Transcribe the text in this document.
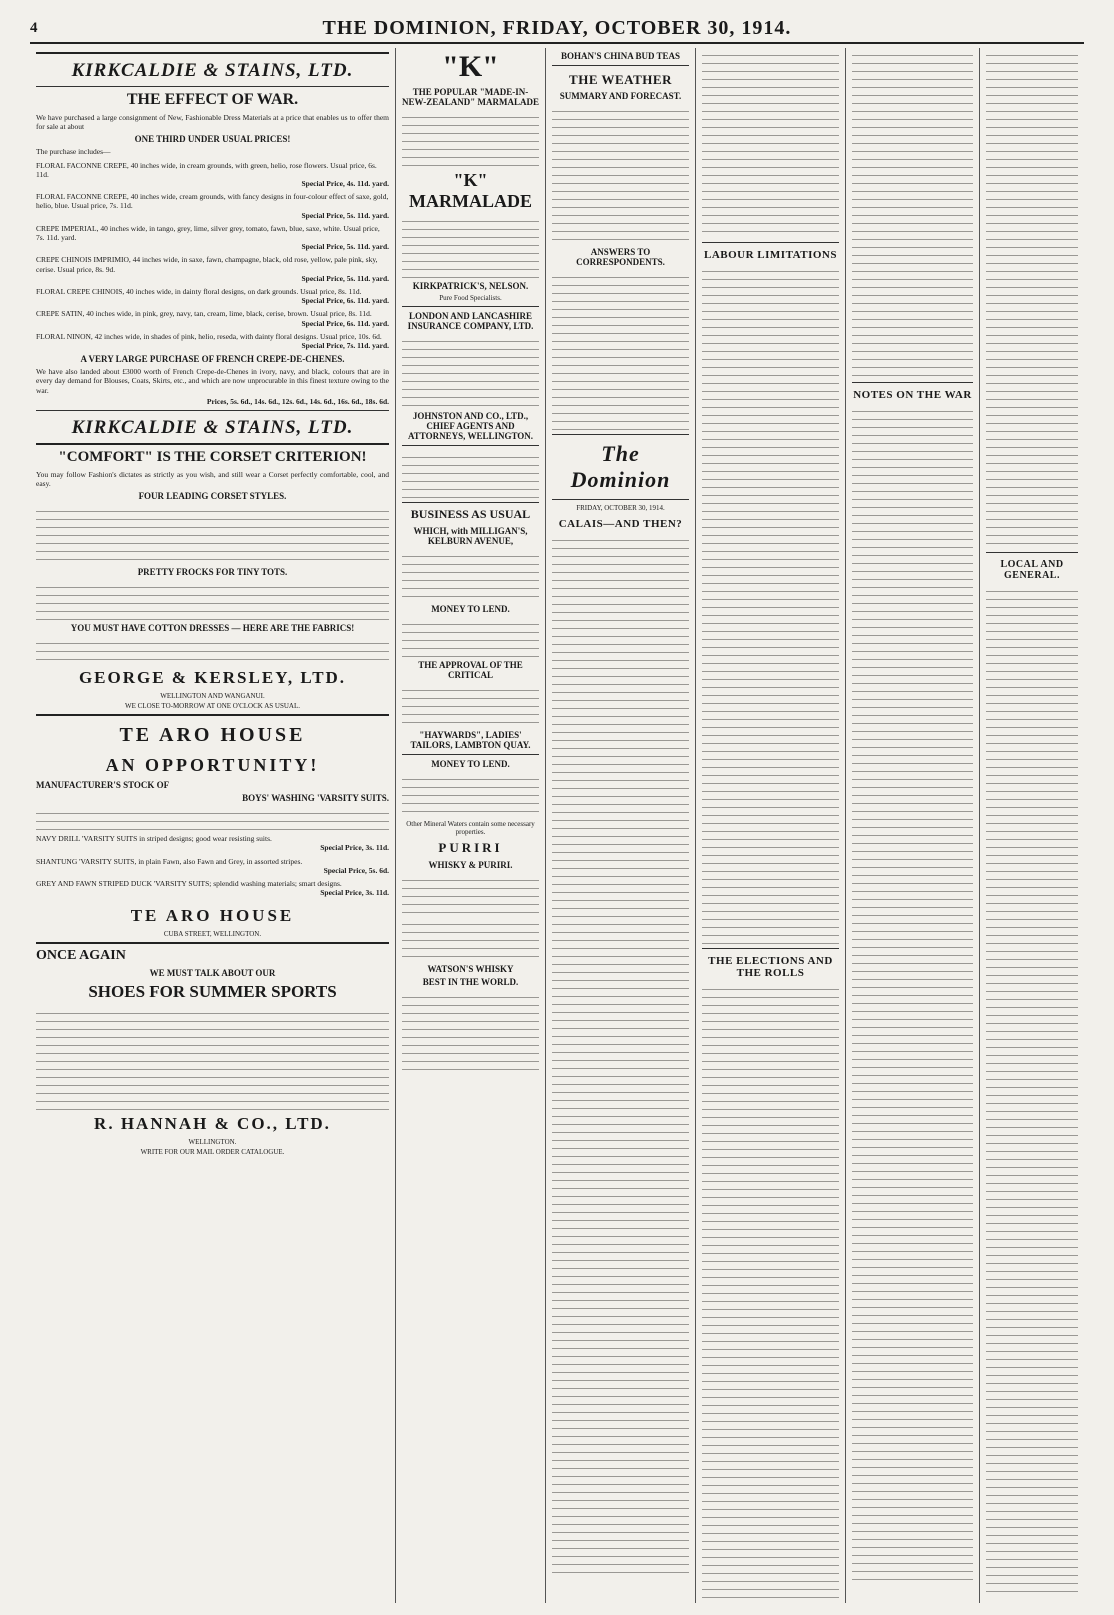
4	THE DOMINION, FRIDAY, OCTOBER 30, 1914.
KIRKCALDIE & STAINS, LTD.
THE EFFECT OF WAR.
We have purchased a large consignment of New, Fashionable Dress Materials at a price that enables us to offer them for sale at about
ONE THIRD UNDER USUAL PRICES!
The purchase includes—
FLORAL FACONNE CREPE, 40 inches wide, in cream grounds, with green, helio, rose flowers. Usual price, 6s. 11d.
Special Price, 4s. 11d. yard.
FLORAL FACONNE CREPE, 40 inches wide, cream grounds, with fancy designs in four-colour effect of saxe, gold, helio, blue. Usual price, 7s. 11d.
Special Price, 5s. 11d. yard.
CREPE IMPERIAL, 40 inches wide, in tango, grey, lime, silver grey, tomato, fawn, blue, saxe, white. Usual price, 7s. 11d. yard.
Special Price, 5s. 11d. yard.
CREPE CHINOIS IMPRIMIO, 44 inches wide, in saxe, fawn, champagne, black, old rose, yellow, pale pink, sky, cerise. Usual price, 8s. 9d.
Special Price, 5s. 11d. yard.
FLORAL CREPE CHINOIS, 40 inches wide, in dainty floral designs, on dark grounds. Usual price, 8s. 11d.
Special Price, 6s. 11d. yard.
CREPE SATIN, 40 inches wide, in pink, grey, navy, tan, cream, lime, black, cerise, brown. Usual price, 8s. 11d.
Special Price, 6s. 11d. yard.
FLORAL NINON, 42 inches wide, in shades of pink, helio, reseda, with dainty floral designs. Usual price, 10s. 6d.
Special Price, 7s. 11d. yard.
A VERY LARGE PURCHASE OF FRENCH CREPE-DE-CHENES.
We have also landed about £3000 worth of French Crepe-de-Chenes in ivory, navy, and black, colours that are in every day demand for Blouses, Coats, Skirts, etc., and which are now unprocurable in this finest texture owing to the war.
Prices, 5s. 6d., 14s. 6d., 12s. 6d., 14s. 6d., 16s. 6d., 18s. 6d.
KIRKCALDIE & STAINS, LTD.
"COMFORT" IS THE CORSET CRITERION!
You may follow Fashion's dictates as strictly as you wish, and still wear a Corset perfectly comfortable, cool, and easy.
FOUR LEADING CORSET STYLES.
PRETTY FROCKS FOR TINY TOTS.
YOU MUST HAVE COTTON DRESSES — HERE ARE THE FABRICS!
GEORGE & KERSLEY, LTD.
WELLINGTON AND WANGANUI.
WE CLOSE TO-MORROW AT ONE O'CLOCK AS USUAL.
TE ARO HOUSE
AN OPPORTUNITY!
MANUFACTURER'S STOCK OF
BOYS' WASHING 'VARSITY SUITS.
NAVY DRILL 'VARSITY SUITS in striped designs; good wear resisting suits.
Special Price, 3s. 11d.
SHANTUNG 'VARSITY SUITS, in plain Fawn, also Fawn and Grey, in assorted stripes.
Special Price, 5s. 6d.
GREY AND FAWN STRIPED DUCK 'VARSITY SUITS; splendid washing materials; smart designs.
Special Price, 3s. 11d.
TE ARO HOUSE
CUBA STREET, WELLINGTON.
ONCE AGAIN
WE MUST TALK ABOUT OUR
SHOES FOR SUMMER SPORTS
R. HANNAH & CO., LTD.
WELLINGTON.
WRITE FOR OUR MAIL ORDER CATALOGUE.
"K"
THE POPULAR "MADE-IN-NEW-ZEALAND" MARMALADE
"K" MARMALADE
KIRKPATRICK'S, NELSON.
Pure Food Specialists.
LONDON AND LANCASHIRE INSURANCE COMPANY, LTD.
JOHNSTON AND CO., LTD., CHIEF AGENTS AND ATTORNEYS, WELLINGTON.
BUSINESS AS USUAL
WHICH, with MILLIGAN'S, KELBURN AVENUE,
MONEY TO LEND.
THE APPROVAL OF THE CRITICAL
"HAYWARDS", LADIES' TAILORS, LAMBTON QUAY.
MONEY TO LEND.
Other Mineral Waters contain some necessary properties.
PURIRI
WHISKY & PURIRI.
WATSON'S WHISKY
BEST IN THE WORLD.
BOHAN'S CHINA BUD TEAS
THE WEATHER
SUMMARY AND FORECAST.
ANSWERS TO CORRESPONDENTS.
The Dominion
FRIDAY, OCTOBER 30, 1914.
CALAIS—AND THEN?
LABOUR LIMITATIONS
THE ELECTIONS AND THE ROLLS
NOTES ON THE WAR
LOCAL AND GENERAL.
